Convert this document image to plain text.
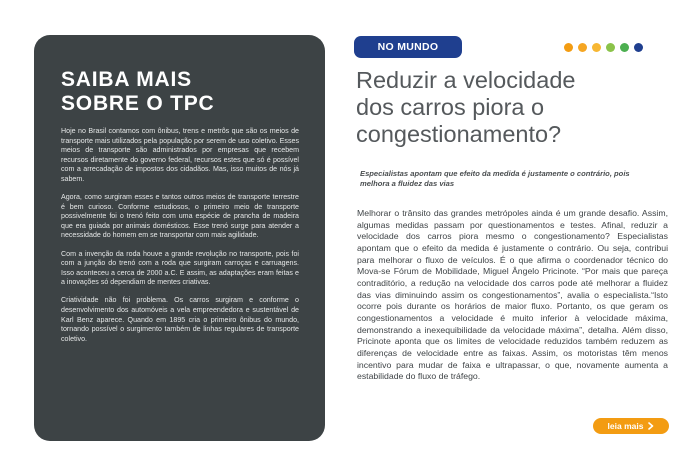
SAIBA MAIS
SOBRE O TPC

Hoje no Brasil contamos com ônibus, trens e metrôs que são os meios de transporte mais utilizados pela população por serem de uso coletivo. Esses meios de transporte são administrados por empresas que recebem recursos diretamente do governo federal, recursos estes que só é possível com a arrecadação de impostos dos cidadãos. Mas, isso muitos de nós já sabem.

Agora, como surgiram esses e tantos outros meios de transporte terrestre é bem curioso. Conforme estudiosos, o primeiro meio de transporte possivelmente foi o trenó feito com uma espécie de prancha de madeira que era guiada por animais domésticos. Esse trenó surge para atender a necessidade do homem em se transportar com mais agilidade.

Com a invenção da roda houve a grande revolução no transporte, pois foi com a junção do trenó com a roda que surgiram carroças e carruagens. Isso aconteceu a cerca de 2000 a.C. E assim, as adaptações eram feitas e a inovações só dependiam de mentes criativas.

Criatividade não foi problema. Os carros surgiram e conforme o desenvolvimento dos automóveis a vela empreendedora e sustentável de Karl Benz aparece. Quando em 1895 cria o primeiro ônibus do mundo, tornando possível o surgimento também de linhas regulares de transporte coletivo.

NO MUNDO
Reduzir a velocidade
dos carros piora o
congestionamento?

Especialistas apontam que efeito da medida é justamente o contrário, pois melhora a fluidez das vias

Melhorar o trânsito das grandes metrópoles ainda é um grande desafio. Assim, algumas medidas passam por questionamentos e testes. Afinal, reduzir a velocidade dos carros piora mesmo o congestionamento? Especialistas apontam que o efeito da medida é justamente o contrário. Ou seja, contribui para melhorar o fluxo de veículos. É o que afirma o coordenador técnico do Mova-se Fórum de Mobilidade, Miguel Ângelo Pricinote. “Por mais que pareça contraditório, a redução na velocidade dos carros pode até melhorar a fluidez das vias diminuindo assim os congestionamentos”, avalia o especialista.“Isto ocorre pois durante os horários de maior fluxo. Portanto, os que geram os congestionamentos a velocidade é muito inferior à velocidade máxima, demonstrando a inexequibilidade da velocidade máxima”, detalha. Além disso, Pricinote aponta que os limites de velocidade reduzidos também reduzem as diferenças de velocidade entre as faixas. Assim, os motoristas têm menos incentivo para mudar de faixa e ultrapassar, o que, novamente aumenta a estabilidade do fluxo de tráfego.

leia mais
